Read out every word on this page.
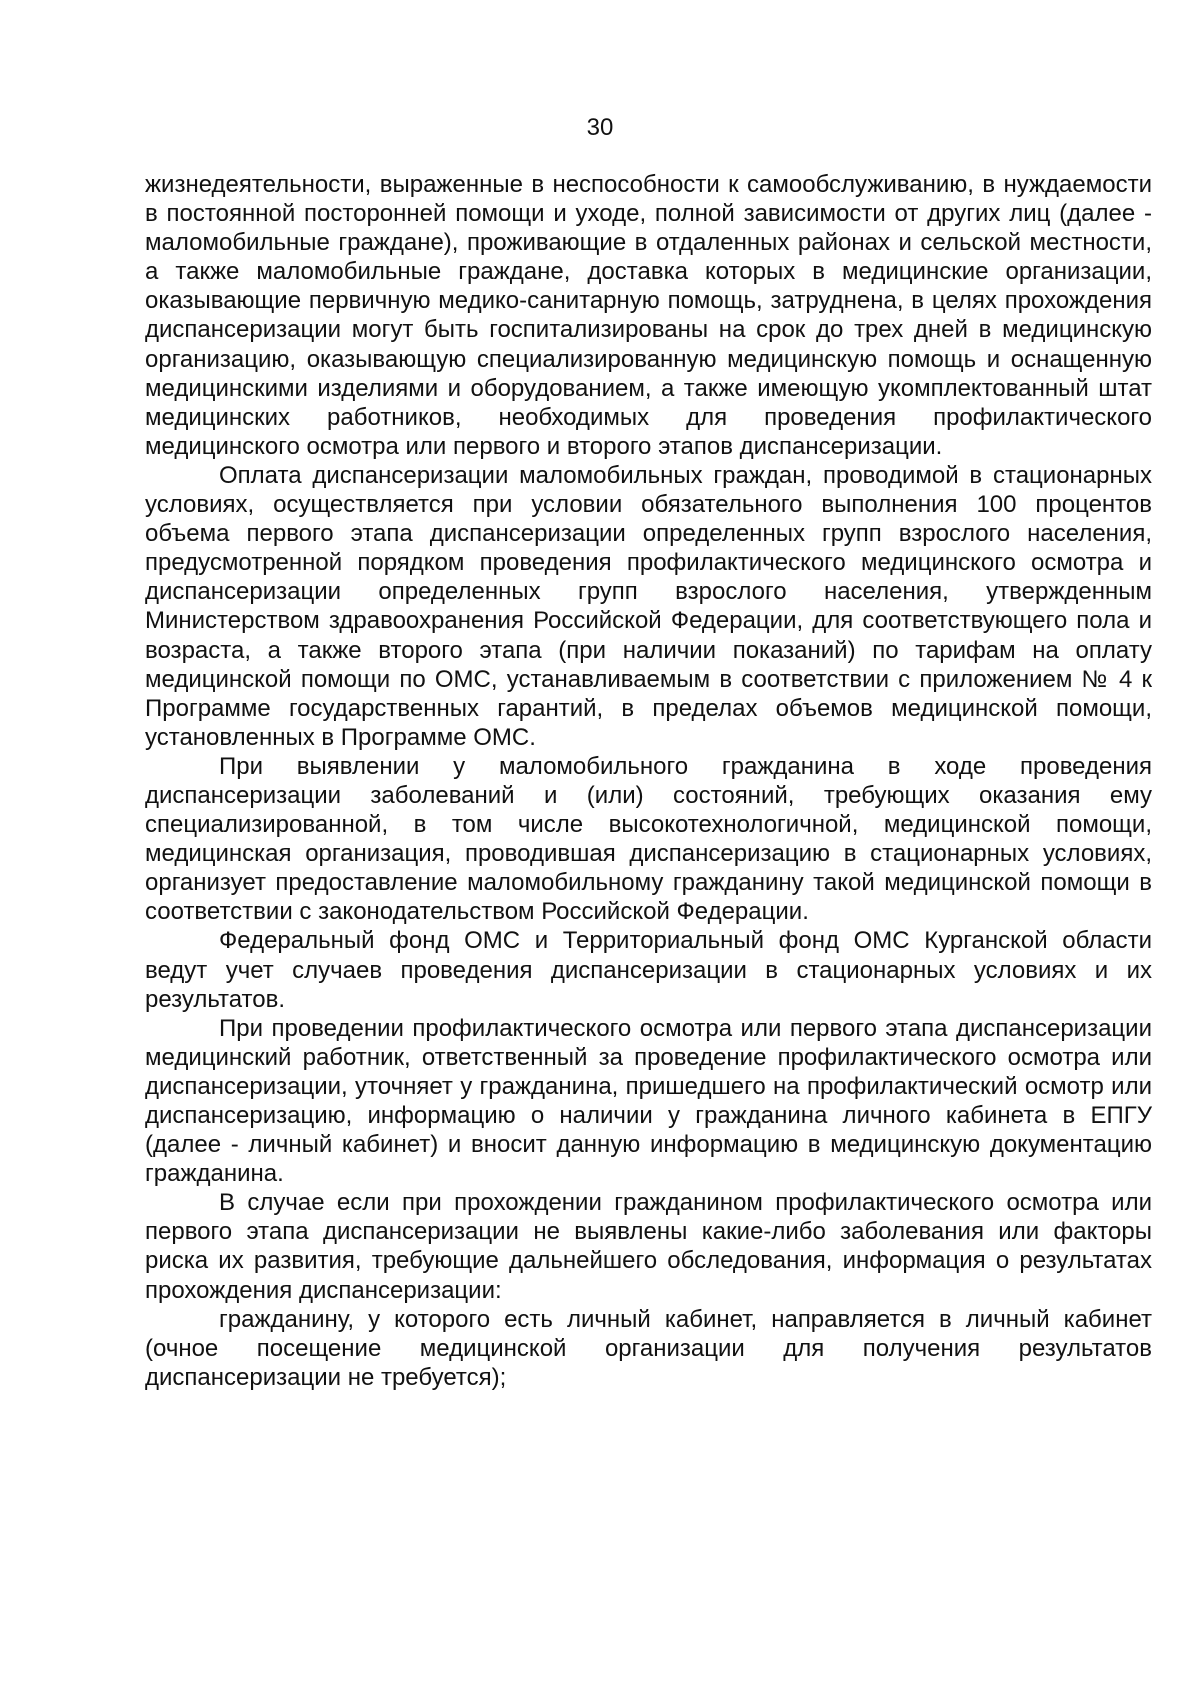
30

жизнедеятельности, выраженные в неспособности к самообслуживанию, в нуждаемости в постоянной посторонней помощи и уходе, полной зависимости от других лиц (далее - маломобильные граждане), проживающие в отдаленных районах и сельской местности, а также маломобильные граждане, доставка которых в медицинские организации, оказывающие первичную медико-санитарную помощь, затруднена, в целях прохождения диспансеризации могут быть госпитализированы на срок до трех дней в медицинскую организацию, оказывающую специализированную медицинскую помощь и оснащенную медицинскими изделиями и оборудованием, а также имеющую укомплектованный штат медицинских работников, необходимых для проведения профилактического медицинского осмотра или первого и второго этапов диспансеризации.

Оплата диспансеризации маломобильных граждан, проводимой в стационарных условиях, осуществляется при условии обязательного выполнения 100 процентов объема первого этапа диспансеризации определенных групп взрослого населения, предусмотренной порядком проведения профилактического медицинского осмотра и диспансеризации определенных групп взрослого населения, утвержденным Министерством здравоохранения Российской Федерации, для соответствующего пола и возраста, а также второго этапа (при наличии показаний) по тарифам на оплату медицинской помощи по ОМС, устанавливаемым в соответствии с приложением № 4 к Программе государственных гарантий, в пределах объемов медицинской помощи, установленных в Программе ОМС.

При выявлении у маломобильного гражданина в ходе проведения диспансеризации заболеваний и (или) состояний, требующих оказания ему специализированной, в том числе высокотехнологичной, медицинской помощи, медицинская организация, проводившая диспансеризацию в стационарных условиях, организует предоставление маломобильному гражданину такой медицинской помощи в соответствии с законодательством Российской Федерации.

Федеральный фонд ОМС и Территориальный фонд ОМС Курганской области ведут учет случаев проведения диспансеризации в стационарных условиях и их результатов.

При проведении профилактического осмотра или первого этапа диспансеризации медицинский работник, ответственный за проведение профилактического осмотра или диспансеризации, уточняет у гражданина, пришедшего на профилактический осмотр или диспансеризацию, информацию о наличии у гражданина личного кабинета в ЕПГУ (далее - личный кабинет) и вносит данную информацию в медицинскую документацию гражданина.

В случае если при прохождении гражданином профилактического осмотра или первого этапа диспансеризации не выявлены какие-либо заболевания или факторы риска их развития, требующие дальнейшего обследования, информация о результатах прохождения диспансеризации:

гражданину, у которого есть личный кабинет, направляется в личный кабинет (очное посещение медицинской организации для получения результатов диспансеризации не требуется);
